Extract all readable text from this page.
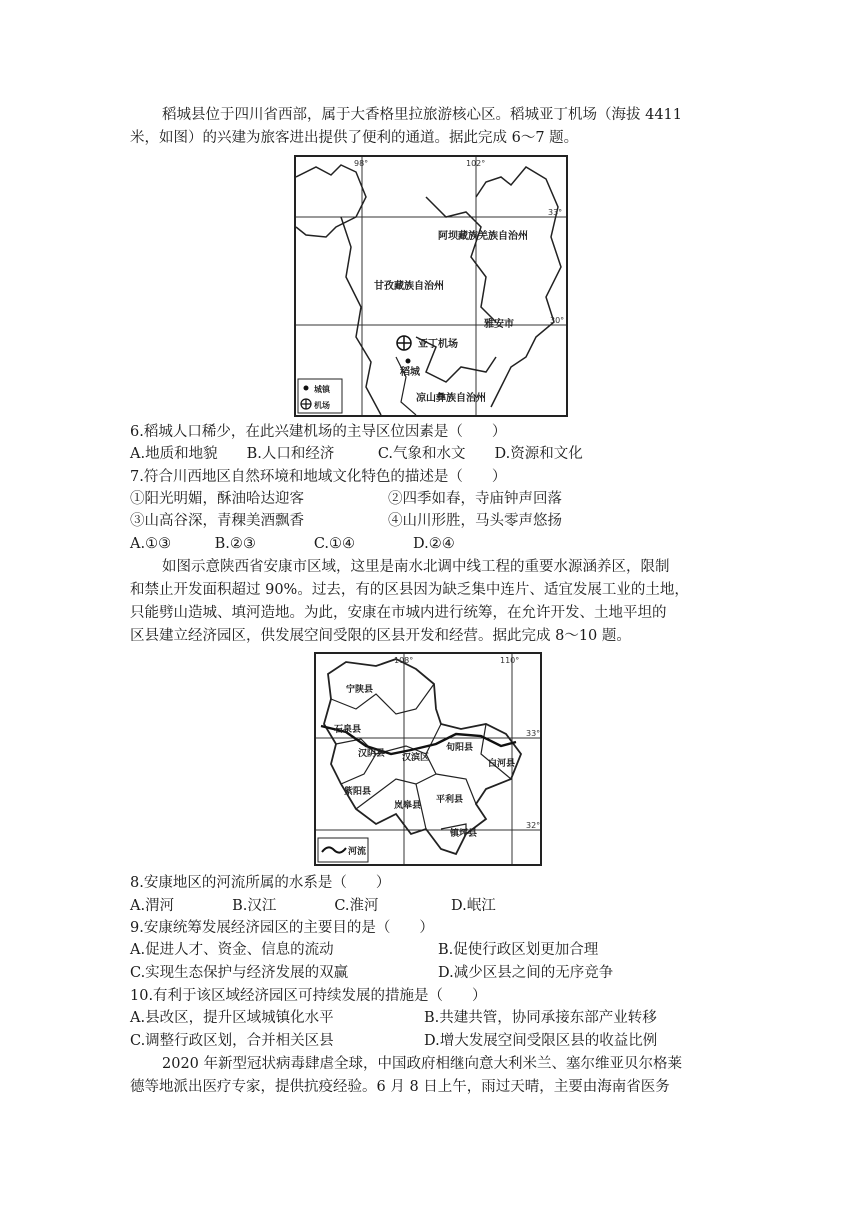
稻城县位于四川省西部，属于大香格里拉旅游核心区。稻城亚丁机场（海拔 4411
米，如图）的兴建为旅客进出提供了便利的通道。据此完成 6～7 题。
98°	102°
33°
30°
阿坝藏族羌族自治州
甘孜藏族自治州
雅安市
亚丁机场
稻城
凉山彝族自治州
城镇
机场
6.稻城人口稀少，在此兴建机场的主导区位因素是（　　）
A.地质和地貌　　B.人口和经济　　　C.气象和水文　　D.资源和文化
7.符合川西地区自然环境和地域文化特色的描述是（　　）
①阳光明媚，酥油哈达迎客	②四季如春，寺庙钟声回落
③山高谷深，青稞美酒飘香	④山川形胜，马头零声悠扬
A.①③　　　B.②③　　　　C.①④　　　　D.②④
如图示意陕西省安康市区域，这里是南水北调中线工程的重要水源涵养区，限制
和禁止开发面积超过 90%。过去，有的区县因为缺乏集中连片、适宜发展工业的土地，
只能劈山造城、填河造地。为此，安康在市城内进行统筹，在允许开发、土地平坦的
区县建立经济园区，供发展空间受限的区县开发和经营。据此完成 8～10 题。
108°	110°
33°
32°
宁陕县
石泉县
汉阴县 汉滨区
旬阳县
白河县
紫阳县
岚皋县
平利县
镇坪县
河流
8.安康地区的河流所属的水系是（　　）
A.渭河　　　　B.汉江　　　　C.淮河　　　　　D.岷江
9.安康统筹发展经济园区的主要目的是（　　）
A.促进人才、资金、信息的流动	B.促使行政区划更加合理
C.实现生态保护与经济发展的双赢	D.减少区县之间的无序竞争
10.有利于该区域经济园区可持续发展的措施是（　　）
A.县改区，提升区域城镇化水平	B.共建共管，协同承接东部产业转移
C.调整行政区划，合并相关区县	D.增大发展空间受限区县的收益比例
2020 年新型冠状病毒肆虐全球，中国政府相继向意大利米兰、塞尔维亚贝尔格莱
德等地派出医疗专家，提供抗疫经验。6 月 8 日上午，雨过天晴，主要由海南省医务
